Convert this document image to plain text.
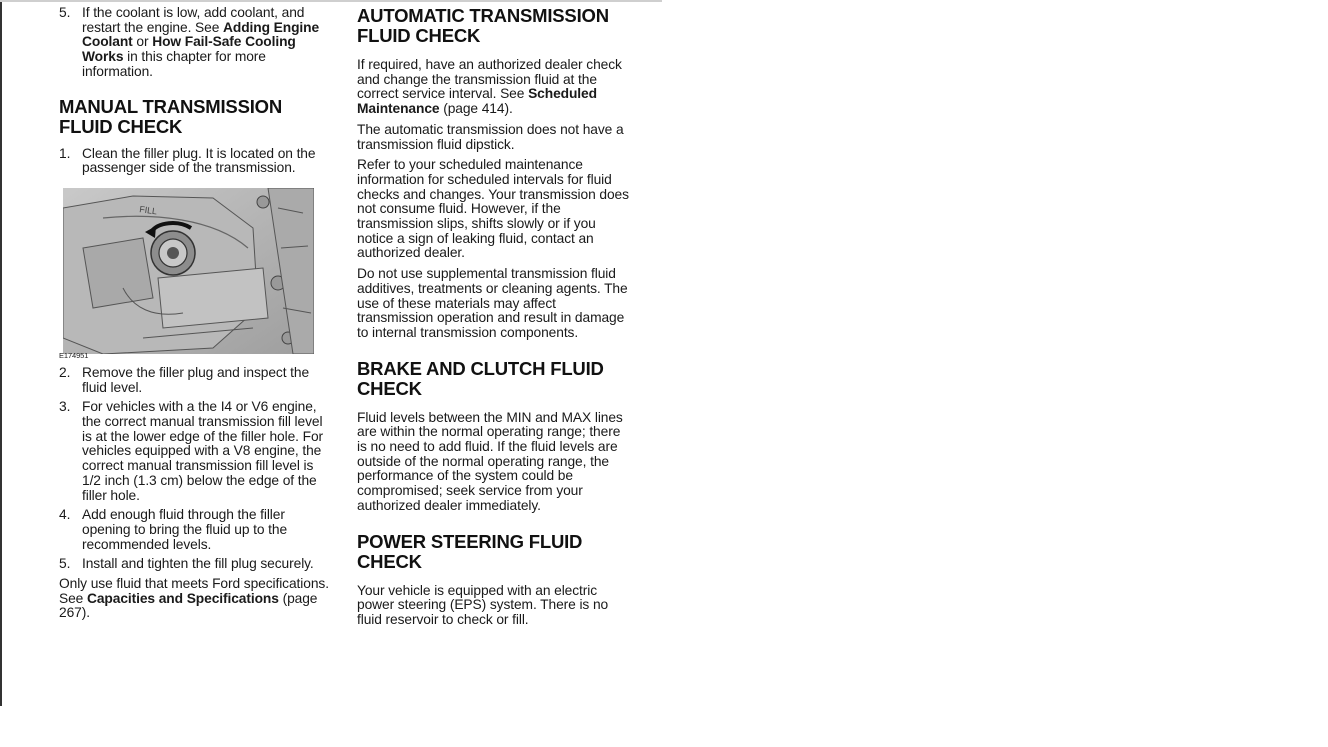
5. If the coolant is low, add coolant, and restart the engine. See Adding Engine Coolant or How Fail-Safe Cooling Works in this chapter for more information.

MANUAL TRANSMISSION FLUID CHECK
1. Clean the filler plug. It is located on the passenger side of the transmission.

FILL
E174951
2. Remove the filler plug and inspect the fluid level.

3. For vehicles with a the I4 or V6 engine, the correct manual transmission fill level is at the lower edge of the filler hole. For vehicles equipped with a V8 engine, the correct manual transmission fill level is 1/2 inch (1.3 cm) below the edge of the filler hole.

4. Add enough fluid through the filler opening to bring the fluid up to the recommended levels.

5. Install and tighten the fill plug securely.

Only use fluid that meets Ford specifications. See Capacities and Specifications (page 267).

AUTOMATIC TRANSMISSION FLUID CHECK

If required, have an authorized dealer check and change the transmission fluid at the correct service interval. See Scheduled Maintenance (page 414).

The automatic transmission does not have a transmission fluid dipstick.

Refer to your scheduled maintenance information for scheduled intervals for fluid checks and changes. Your transmission does not consume fluid. However, if the transmission slips, shifts slowly or if you notice a sign of leaking fluid, contact an authorized dealer.

Do not use supplemental transmission fluid additives, treatments or cleaning agents. The use of these materials may affect transmission operation and result in damage to internal transmission components.

BRAKE AND CLUTCH FLUID CHECK

Fluid levels between the MIN and MAX lines are within the normal operating range; there is no need to add fluid. If the fluid levels are outside of the normal operating range, the performance of the system could be compromised; seek service from your authorized dealer immediately.

POWER STEERING FLUID CHECK

Your vehicle is equipped with an electric power steering (EPS) system. There is no fluid reservoir to check or fill.
